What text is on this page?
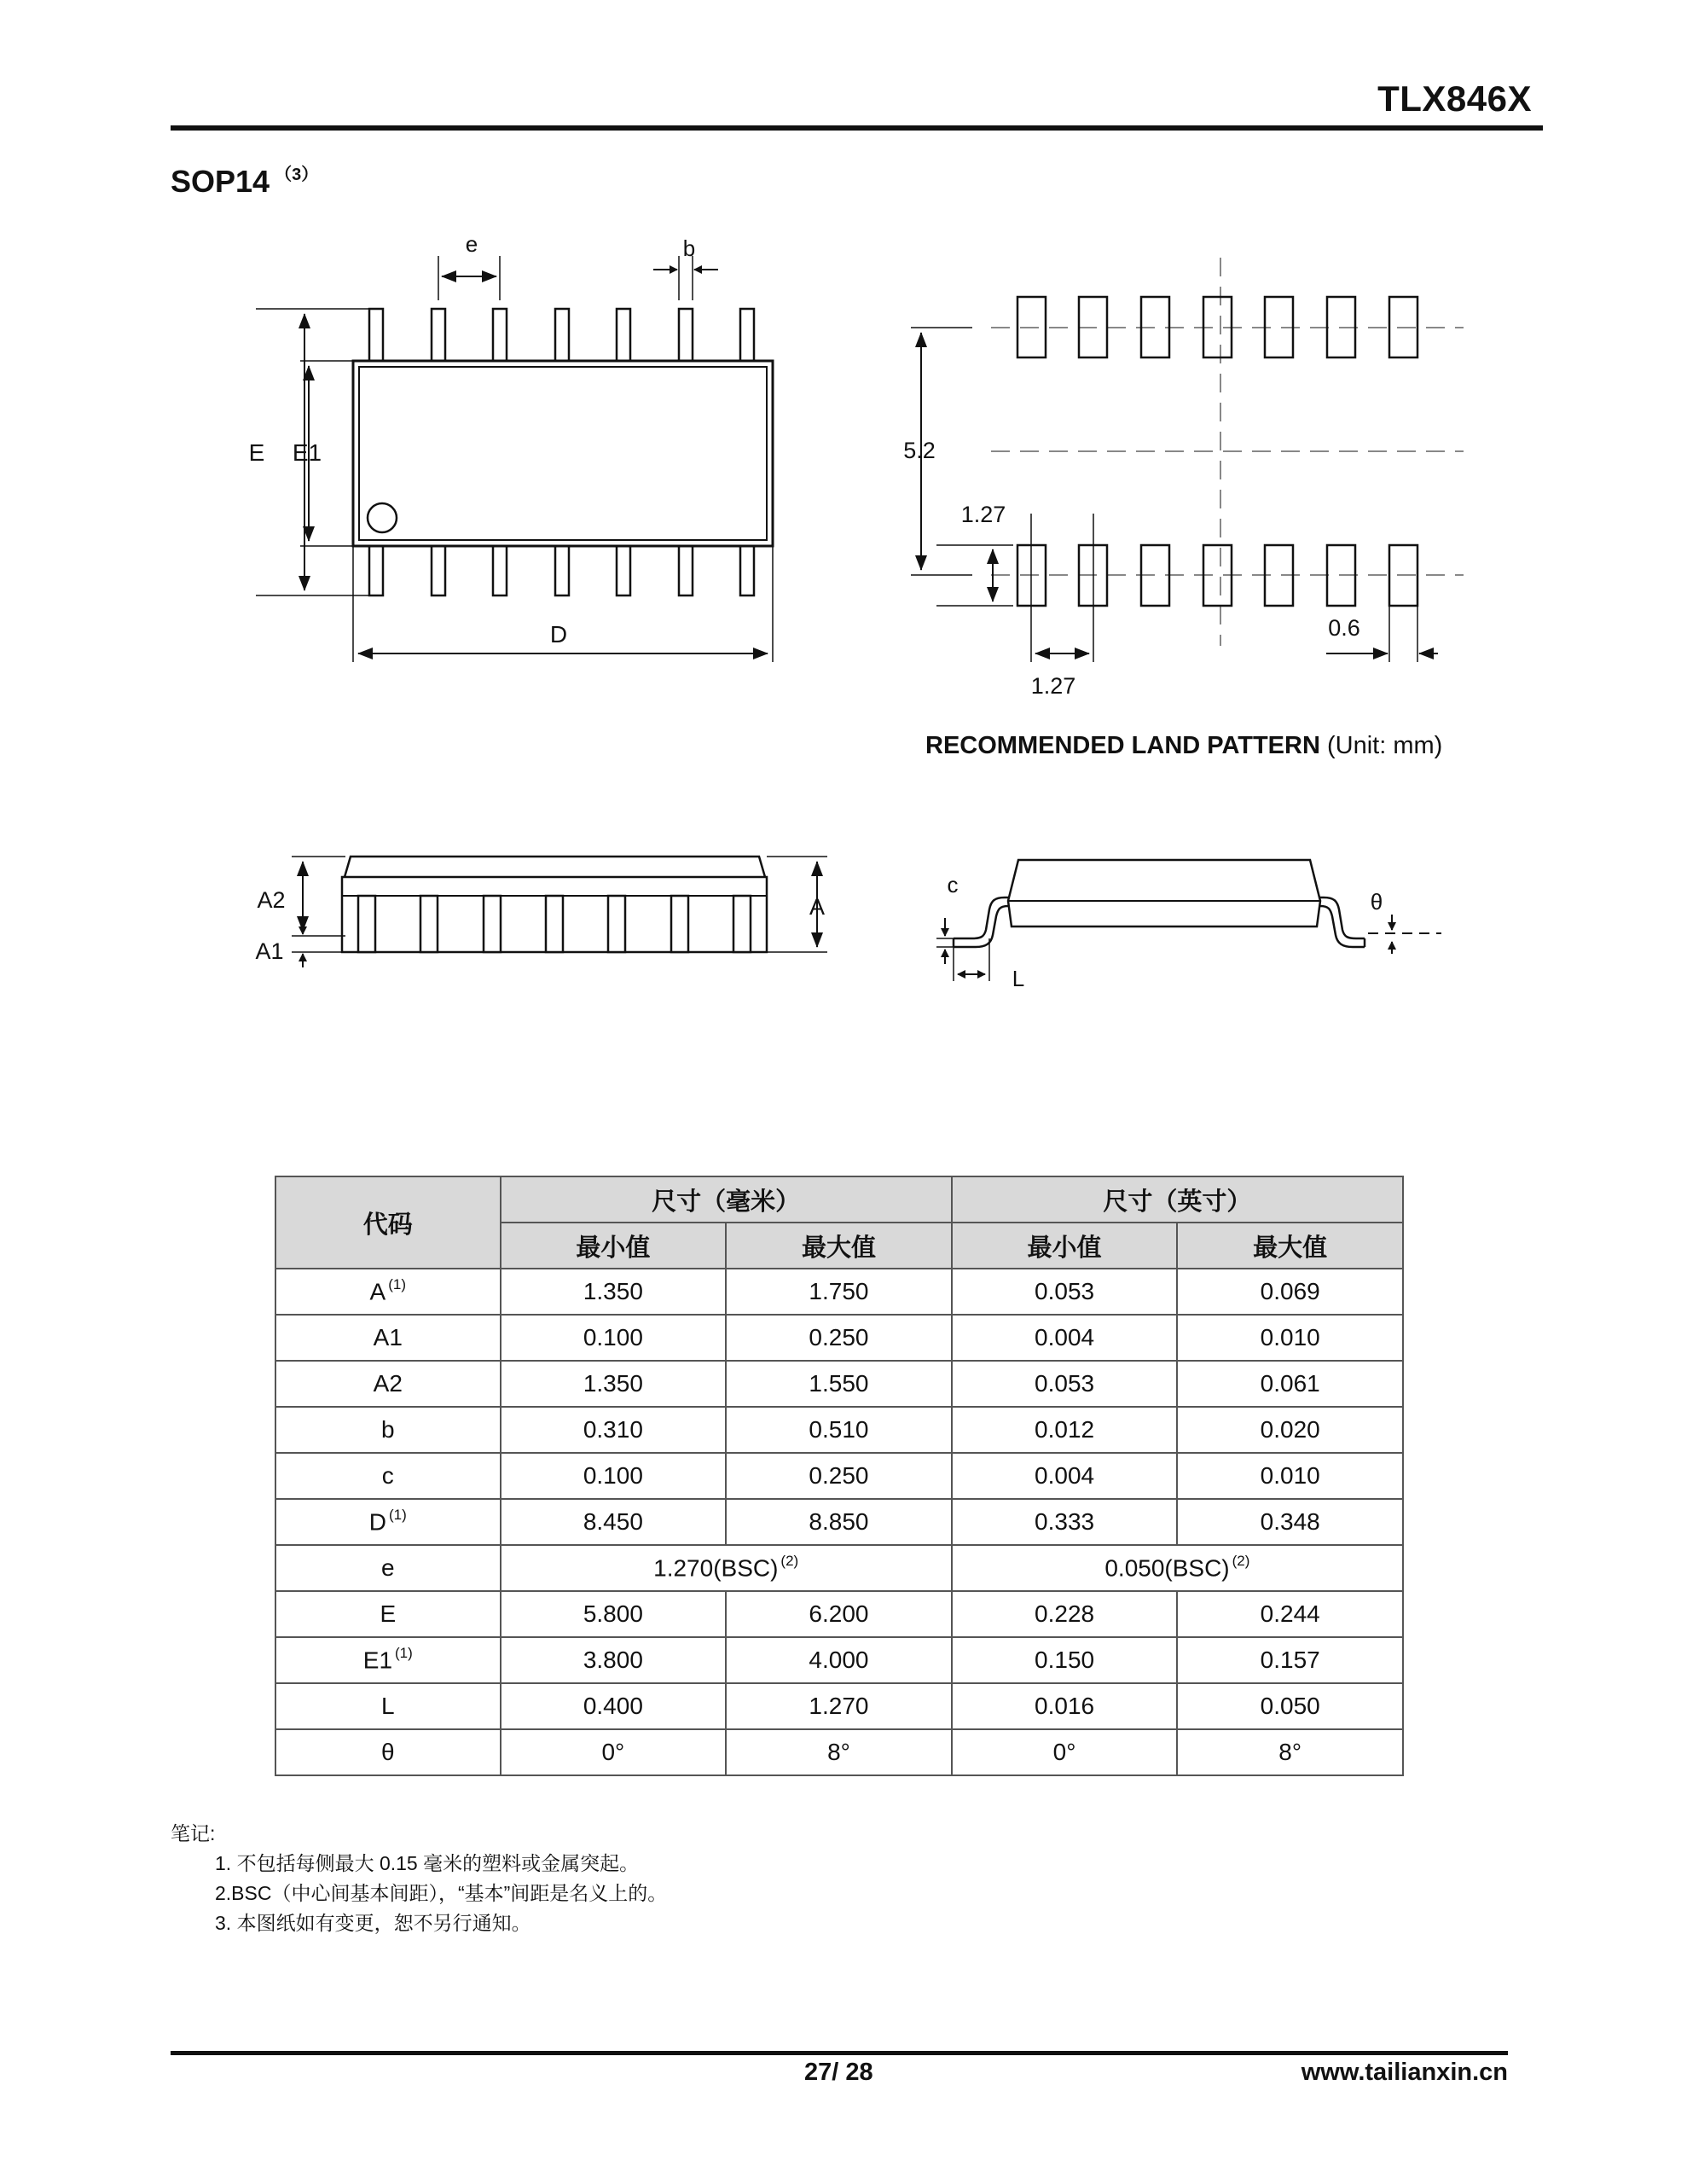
TLX846X
SOP14 $^{(3)}$
e	b
E E1
D
5.2
1.27
1.27
0.6
A2
A1
A
c
θ
L
RECOMMENDED LAND PATTERN (Unit: mm)
代码	尺寸（毫米）		尺寸（英寸）	
	最小值	最大值	最小值	最大值
A $^{(1)}$	1.350	1.750	0.053	0.069
A1	0.100	0.250	0.004	0.010
A2	1.350	1.550	0.053	0.061
b	0.310	0.510	0.012	0.020
c	0.100	0.250	0.004	0.010
D $^{(1)}$	8.450	8.850	0.333	0.348
e	1.270(BSC) $^{(2)}$		0.050(BSC) $^{(2)}$
E	5.800	6.200	0.228	0.244
E1 $^{(1)}$	3.800	4.000	0.150	0.157
L	0.400	1.270	0.016	0.050
θ	0°	8°	0°	8°
笔记:
1. 不包括每侧最大 0.15 毫米的塑料或金属突起。
2.BSC（中心间基本间距），“基本”间距是名义上的。
3. 本图纸如有变更，恕不另行通知。
27/ 28	www.tailianxin.cn
